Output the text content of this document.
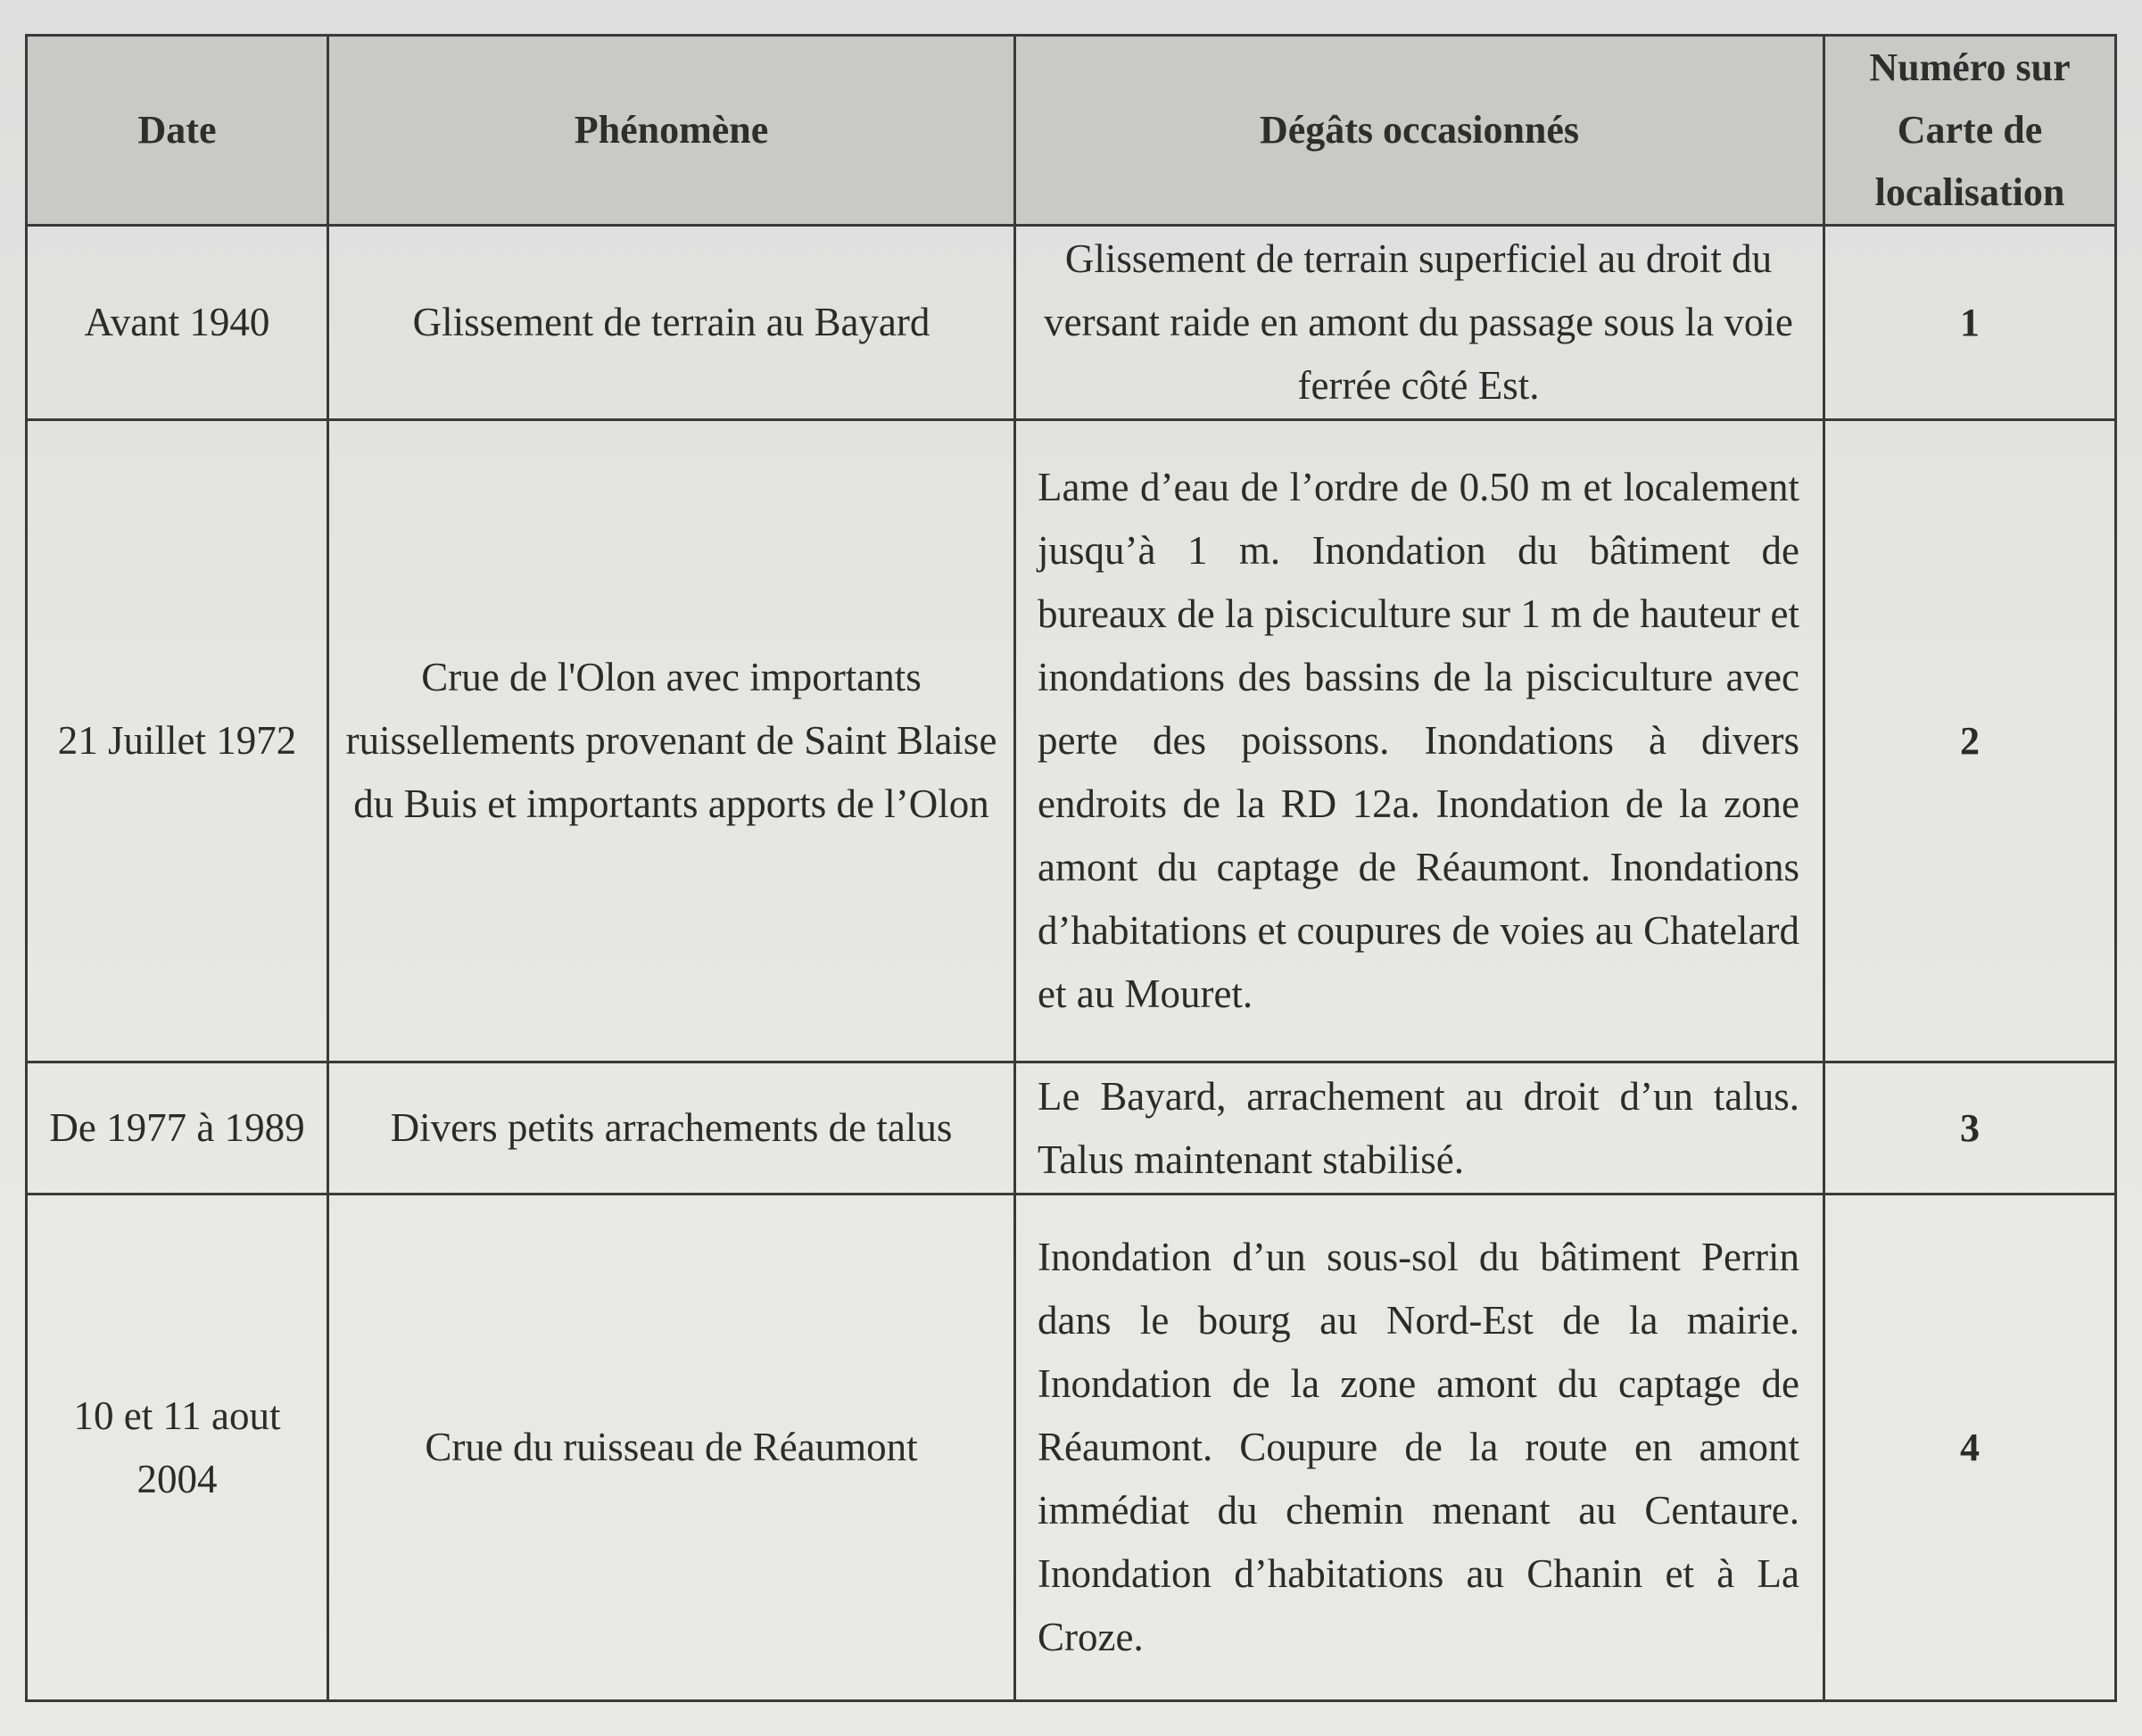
Date	Phénomène	Dégâts occasionnés	Numéro sur Carte de localisation
Avant 1940	Glissement de terrain au Bayard	Glissement de terrain superficiel au droit du versant raide en amont du passage sous la voie ferrée côté Est.	1
21 Juillet 1972	Crue de l'Olon avec importants ruissellements provenant de Saint Blaise du Buis et importants apports de l’Olon	Lame d’eau de l’ordre de 0.50 m et localement jusqu’à 1 m. Inondation du bâtiment de bureaux de la pisciculture sur 1 m de hauteur et inondations des bassins de la pisciculture avec perte des poissons. Inondations à divers endroits de la RD 12a. Inondation de la zone amont du captage de Réaumont. Inondations d’habitations et coupures de voies au Chatelard et au Mouret.	2
De 1977 à 1989	Divers petits arrachements de talus	Le Bayard, arrachement au droit d’un talus. Talus maintenant stabilisé.	3
10 et 11 aout 2004	Crue du ruisseau de Réaumont	Inondation d’un sous-sol du bâtiment Perrin dans le bourg au Nord-Est de la mairie. Inondation de la zone amont du captage de Réaumont. Coupure de la route en amont immédiat du chemin menant au Centaure. Inondation d’habitations au Chanin et à La Croze.	4
